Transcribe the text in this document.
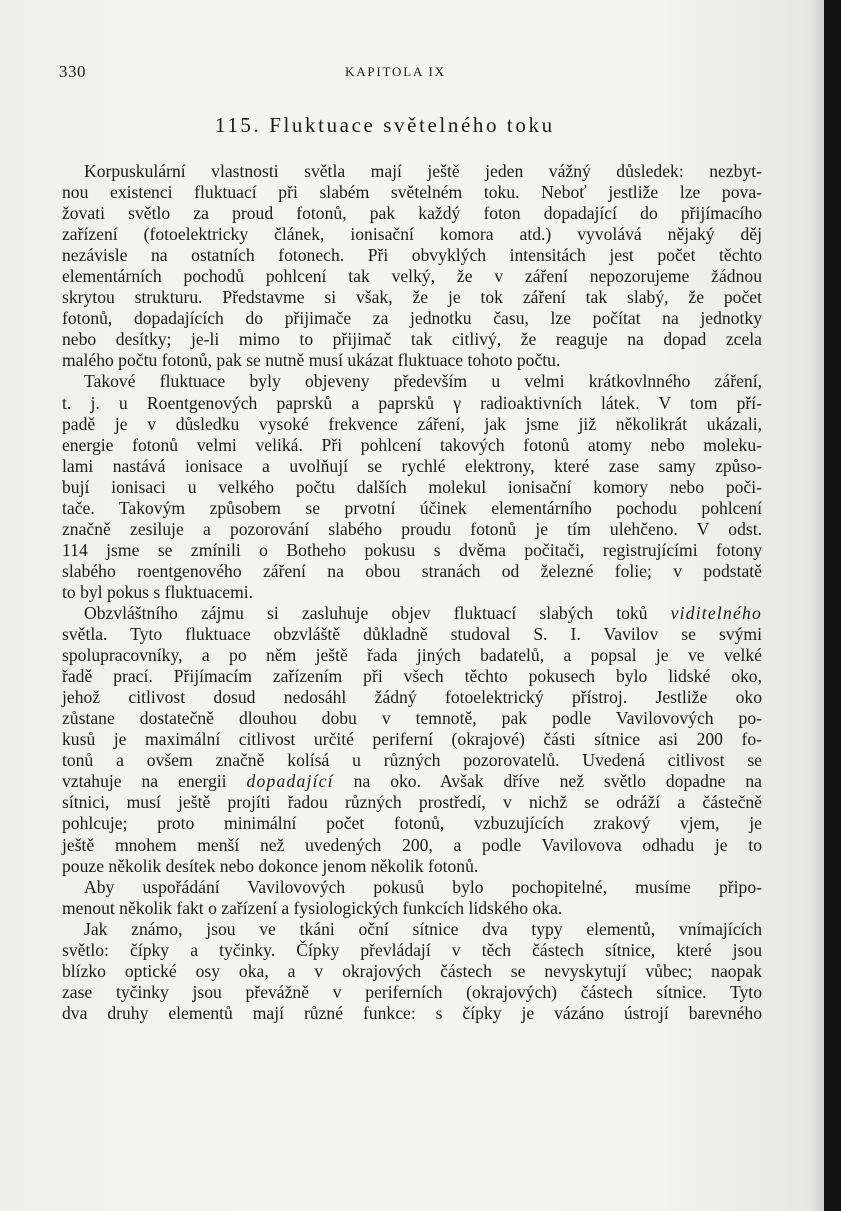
330	KAPITOLA IX
115. Fluktuace světelného toku
Korpuskulární vlastnosti světla mají ještě jeden vážný důsledek: nezbyt-
nou existenci fluktuací při slabém světelném toku. Neboť jestliže lze pova-
žovati světlo za proud fotonů, pak každý foton dopadající do přijímacího
zařízení (fotoelektricky článek, ionisační komora atd.) vyvolává nějaký děj
nezávisle na ostatních fotonech. Při obvyklých intensitách jest počet těchto
elementárních pochodů pohlcení tak velký, že v záření nepozorujeme žádnou
skrytou strukturu. Představme si však, že je tok záření tak slabý, že počet
fotonů, dopadajících do přijimače za jednotku času, lze počítat na jednotky
nebo desítky; je-li mimo to přijimač tak citlivý, že reaguje na dopad zcela
malého počtu fotonů, pak se nutně musí ukázat fluktuace tohoto počtu.
Takové fluktuace byly objeveny především u velmi krátkovlnného záření,
t. j. u Roentgenových paprsků a paprsků γ radioaktivních látek. V tom pří-
padě je v důsledku vysoké frekvence záření, jak jsme již několikrát ukázali,
energie fotonů velmi veliká. Při pohlcení takových fotonů atomy nebo moleku-
lami nastává ionisace a uvolňují se rychlé elektrony, které zase samy způso-
bují ionisaci u velkého počtu dalších molekul ionisační komory nebo poči-
tače. Takovým způsobem se prvotní účinek elementárního pochodu pohlcení
značně zesiluje a pozorování slabého proudu fotonů je tím ulehčeno. V odst.
114 jsme se zmínili o Botheho pokusu s dvěma počitači, registrujícími fotony
slabého roentgenového záření na obou stranách od železné folie; v podstatě
to byl pokus s fluktuacemi.
Obzvláštního zájmu si zasluhuje objev fluktuací slabých toků viditelného
světla. Tyto fluktuace obzvláště důkladně studoval S. I. Vavilov se svými
spolupracovníky, a po něm ještě řada jiných badatelů, a popsal je ve velké
řadě prací. Přijímacím zařízením při všech těchto pokusech bylo lidské oko,
jehož citlivost dosud nedosáhl žádný fotoelektrický přístroj. Jestliže oko
zůstane dostatečně dlouhou dobu v temnotě, pak podle Vavilovových po-
kusů je maximální citlivost určité periferní (okrajové) části sítnice asi 200 fo-
tonů a ovšem značně kolísá u různých pozorovatelů. Uvedená citlivost se
vztahuje na energii dopadající na oko. Avšak dříve než světlo dopadne na
sítnici, musí ještě projíti řadou různých prostředí, v nichž se odráží a částečně
pohlcuje; proto minimální počet fotonů, vzbuzujících zrakový vjem, je
ještě mnohem menší než uvedených 200, a podle Vavilovova odhadu je to
pouze několik desítek nebo dokonce jenom několik fotonů.
Aby uspořádání Vavilovových pokusů bylo pochopitelné, musíme připo-
menout několik fakt o zařízení a fysiologických funkcích lidského oka.
Jak známo, jsou ve tkáni oční sítnice dva typy elementů, vnímajících
světlo: čípky a tyčinky. Čípky převládají v těch částech sítnice, které jsou
blízko optické osy oka, a v okrajových částech se nevyskytují vůbec; naopak
zase tyčinky jsou převážně v periferních (okrajových) částech sítnice. Tyto
dva druhy elementů mají různé funkce: s čípky je vázáno ústrojí barevného
